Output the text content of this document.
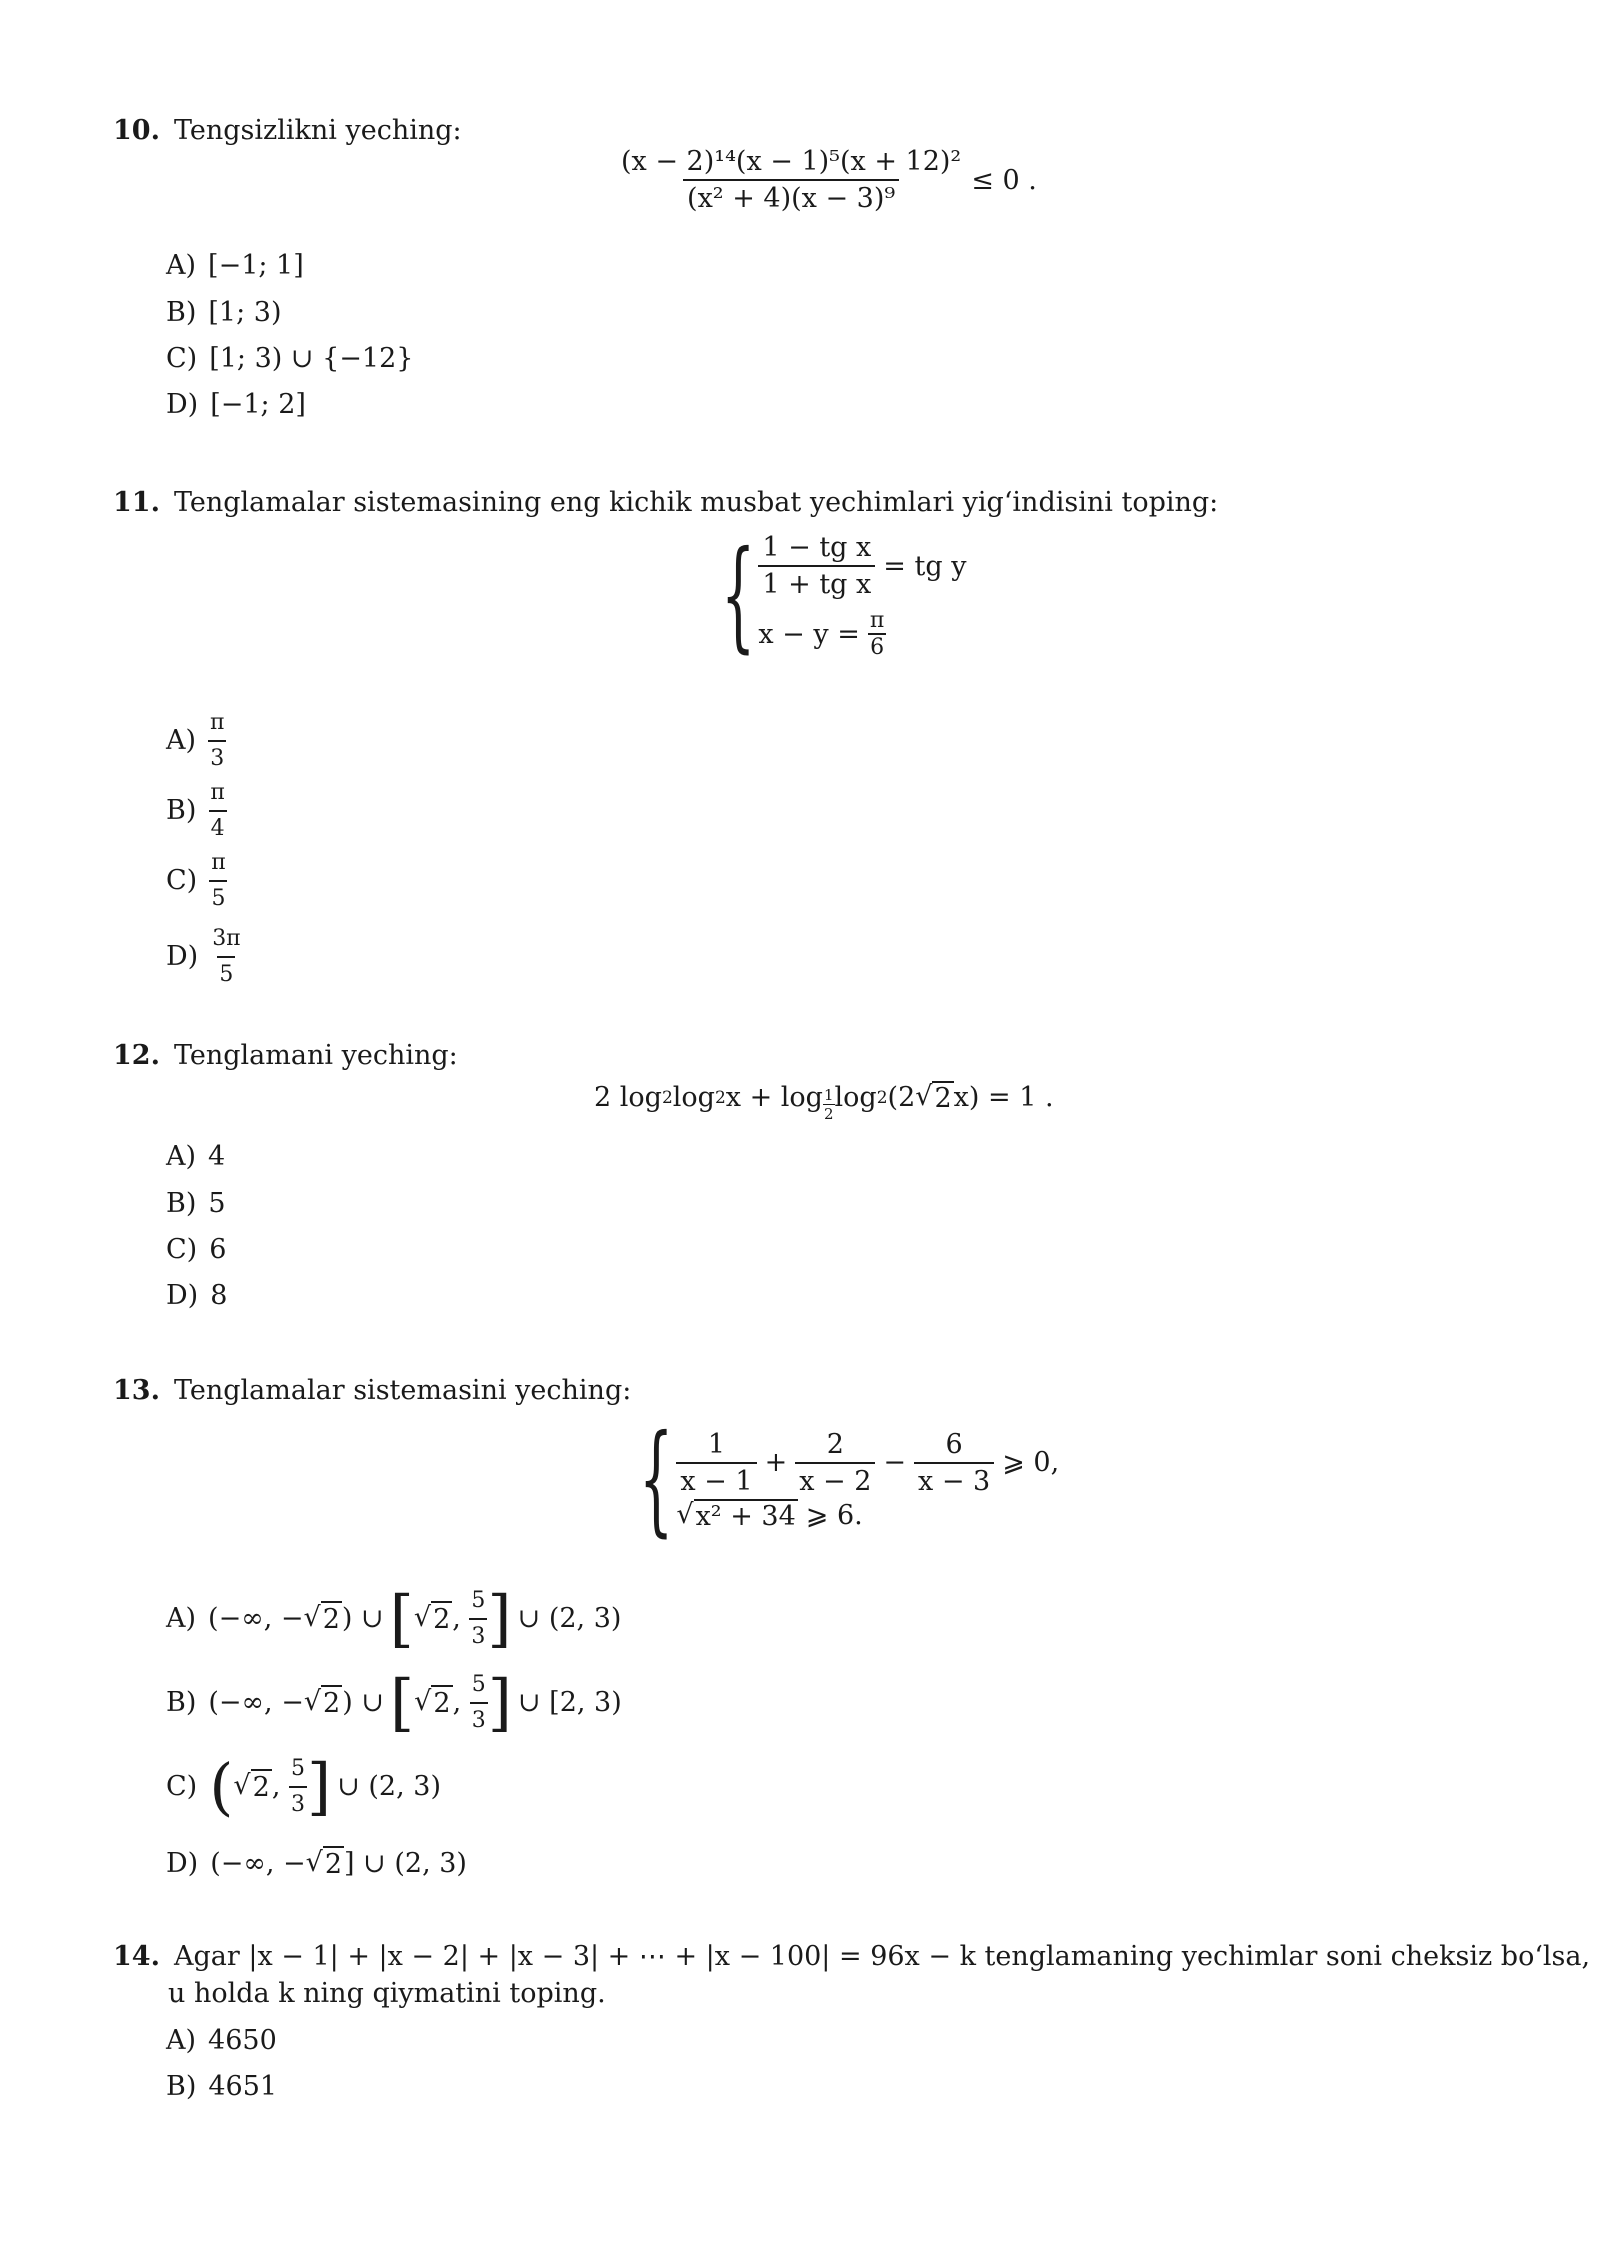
10. Tengsizlikni yeching:
$\frac{\text{(x − 2)¹⁴(x − 1)⁵(x + 12)²}}{\text{(x² + 4)(x − 3)⁹}} \le 0$ .
A) [−1; 1]
B) [1; 3)
C) [1; 3) ∪ {−12}
D) [−1; 2]
11. Tenglamalar sistemasining eng kichik musbat yechimlari yig‘indisini toping:
{ $\frac{\text{1 − tg x}}{\text{1 + tg x}}$ = tg y
$x - y = \frac{\pi}{6}$
$A) \frac{\pi}{3}$
$B) \frac{\pi}{4}$
$C) \frac{\pi}{5}$
$D) \frac{3\pi}{5}$
12. Tenglamani yeching:
2 log 2 log 2 $x + \log \frac{1}{2}$ log 2 (2 √ 2 x) = 1 .
A) 4
B) 5
C) 6
D) 8
13. Tenglamalar sistemasini yeching:
{ $\frac{1}{x - 1} + \frac{2}{x - 2} - \frac{6}{x - 3}$ ⩾ 0,
√ x² + 34 ⩾ 6.
A) (−∞, − √ 2 ) ∪ [ √ 2 , $\frac{5}{3}$ ] ∪ (2, 3)
B) (−∞, − √ 2 ) ∪ [ √ 2 , $\frac{5}{3}$ ] ∪ [2, 3)
C) ( √ 2 , $\frac{5}{3}$ ] ∪ (2, 3)
D) (−∞, − √ 2 ] ∪ (2, 3)
14. Agar |x − 1| + |x − 2| + |x − 3| + ⋯ + |x − 100| = 96x − k tenglamaning yechimlar soni cheksiz bo‘lsa,
u holda k ning qiymatini toping.
A) 4650
B) 4651
